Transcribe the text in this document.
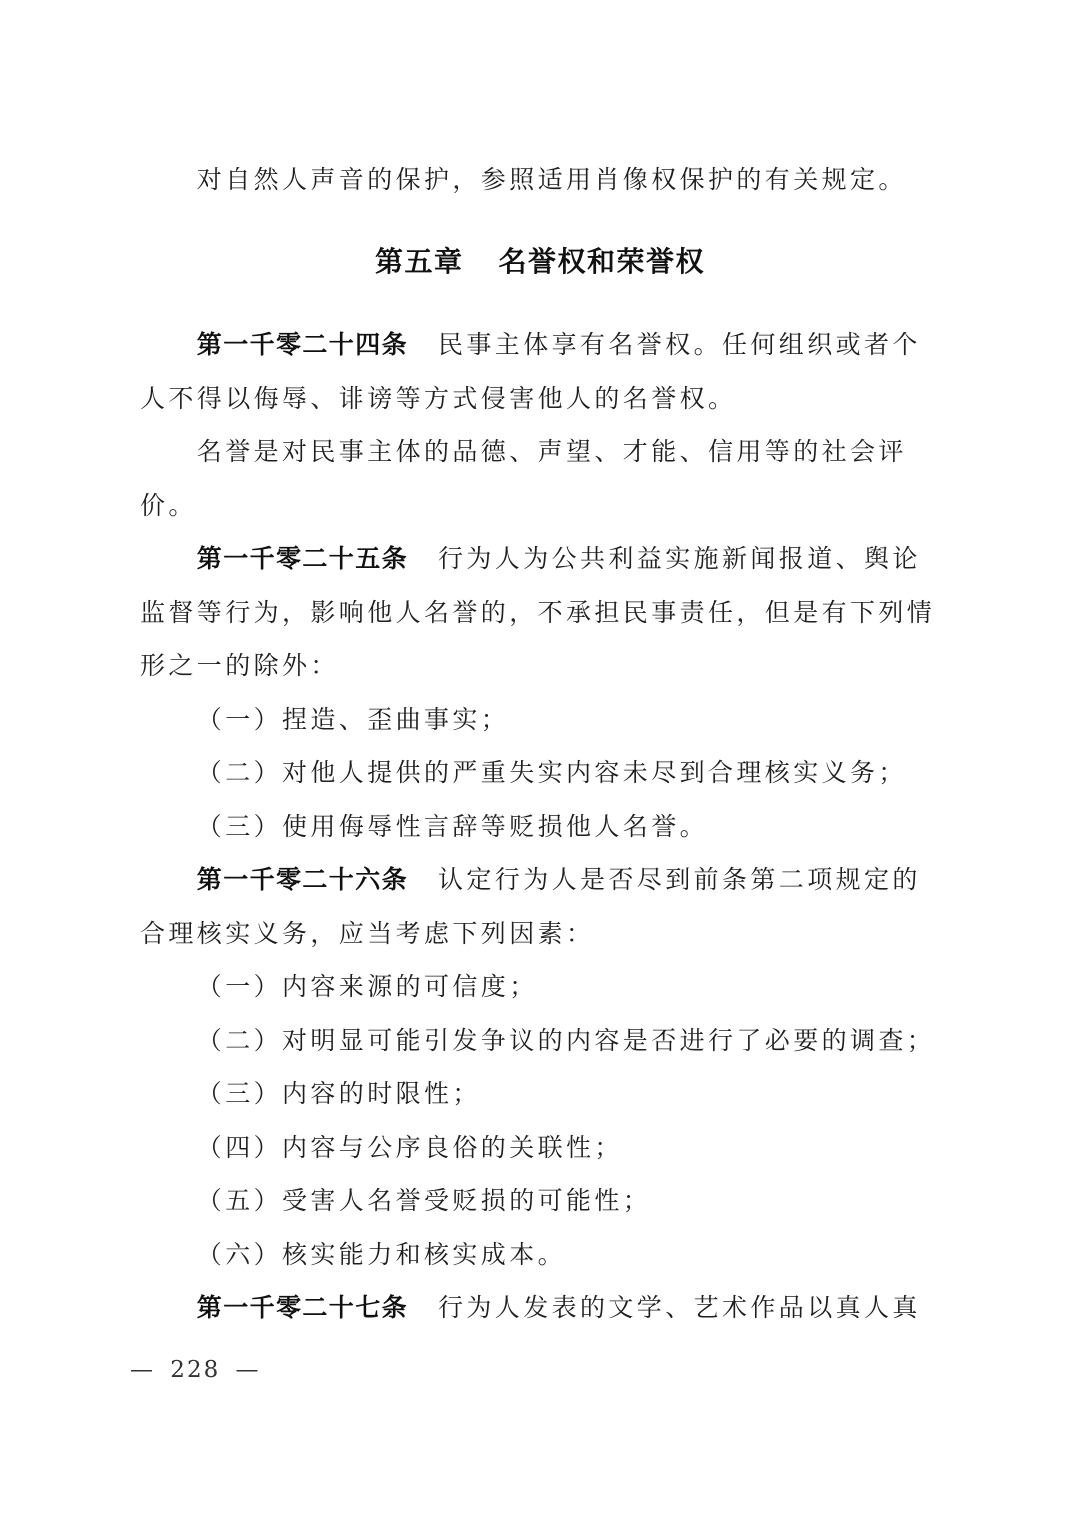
对自然人声音的保护，参照适用肖像权保护的有关规定。
第五章 名誉权和荣誉权
第一千零二十四条 民事主体享有名誉权。任何组织或者个
人不得以侮辱、诽谤等方式侵害他人的名誉权。
名誉是对民事主体的品德、声望、才能、信用等的社会评
价。
第一千零二十五条 行为人为公共利益实施新闻报道、舆论
监督等行为，影响他人名誉的，不承担民事责任，但是有下列情
形之一的除外：
（一）捏造、歪曲事实；
（二）对他人提供的严重失实内容未尽到合理核实义务；
（三）使用侮辱性言辞等贬损他人名誉。
第一千零二十六条 认定行为人是否尽到前条第二项规定的
合理核实义务，应当考虑下列因素：
（一）内容来源的可信度；
（二）对明显可能引发争议的内容是否进行了必要的调查；
（三）内容的时限性；
（四）内容与公序良俗的关联性；
（五）受害人名誉受贬损的可能性；
（六）核实能力和核实成本。
第一千零二十七条 行为人发表的文学、艺术作品以真人真
— 228 —
